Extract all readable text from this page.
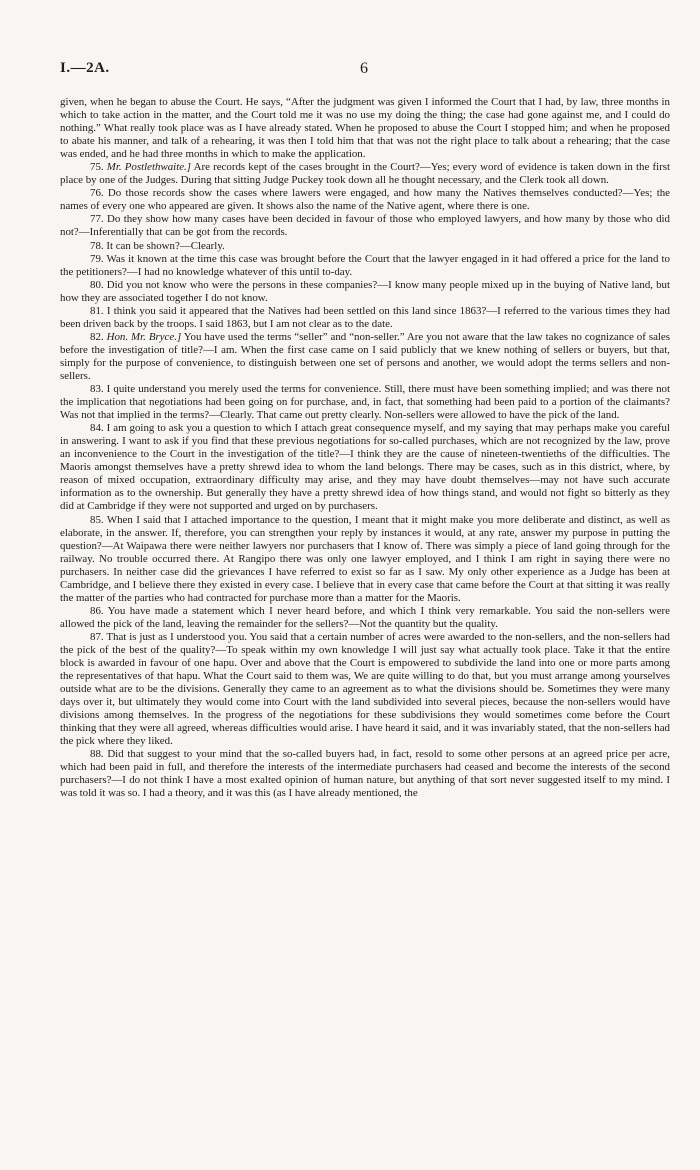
I.—2A.	6

given, when he began to abuse the Court. He says, “After the judgment was given I informed the Court that I had, by law, three months in which to take action in the matter, and the Court told me it was no use my doing the thing; the case had gone against me, and I could do nothing.” What really took place was as I have already stated. When he proposed to abuse the Court I stopped him; and when he proposed to abate his manner, and talk of a rehearing, it was then I told him that that was not the right place to talk about a rehearing; that the case was ended, and he had three months in which to make the application.

75. Mr. Postlethwaite.] Are records kept of the cases brought in the Court?—Yes; every word of evidence is taken down in the first place by one of the Judges. During that sitting Judge Puckey took down all he thought necessary, and the Clerk took all down.

76. Do those records show the cases where lawers were engaged, and how many the Natives themselves conducted?—Yes; the names of every one who appeared are given. It shows also the name of the Native agent, where there is one.

77. Do they show how many cases have been decided in favour of those who employed lawyers, and how many by those who did not?—Inferentially that can be got from the records.

78. It can be shown?—Clearly.

79. Was it known at the time this case was brought before the Court that the lawyer engaged in it had offered a price for the land to the petitioners?—I had no knowledge whatever of this until to-day.

80. Did you not know who were the persons in these companies?—I know many people mixed up in the buying of Native land, but how they are associated together I do not know.

81. I think you said it appeared that the Natives had been settled on this land since 1863?—I referred to the various times they had been driven back by the troops. I said 1863, but I am not clear as to the date.

82. Hon. Mr. Bryce.] You have used the terms “seller” and “non-seller.” Are you not aware that the law takes no cognizance of sales before the investigation of title?—I am. When the first case came on I said publicly that we knew nothing of sellers or buyers, but that, simply for the purpose of convenience, to distinguish between one set of persons and another, we would adopt the terms sellers and non-sellers.

83. I quite understand you merely used the terms for convenience. Still, there must have been something implied; and was there not the implication that negotiations had been going on for purchase, and, in fact, that something had been paid to a portion of the claimants? Was not that implied in the terms?—Clearly. That came out pretty clearly. Non-sellers were allowed to have the pick of the land.

84. I am going to ask you a question to which I attach great consequence myself, and my saying that may perhaps make you careful in answering. I want to ask if you find that these previous negotiations for so-called purchases, which are not recognized by the law, prove an inconvenience to the Court in the investigation of the title?—I think they are the cause of nineteen-twentieths of the difficulties. The Maoris amongst themselves have a pretty shrewd idea to whom the land belongs. There may be cases, such as in this district, where, by reason of mixed occupation, extraordinary difficulty may arise, and they may have doubt themselves—may not have such accurate information as to the ownership. But generally they have a pretty shrewd idea of how things stand, and would not fight so bitterly as they did at Cambridge if they were not supported and urged on by purchasers.

85. When I said that I attached importance to the question, I meant that it might make you more deliberate and distinct, as well as elaborate, in the answer. If, therefore, you can strengthen your reply by instances it would, at any rate, answer my purpose in putting the question?—At Waipawa there were neither lawyers nor purchasers that I know of. There was simply a piece of land going through for the railway. No trouble occurred there. At Rangipo there was only one lawyer employed, and I think I am right in saying there were no purchasers. In neither case did the grievances I have referred to exist so far as I saw. My only other experience as a Judge has been at Cambridge, and I believe there they existed in every case. I believe that in every case that came before the Court at that sitting it was really the matter of the parties who had contracted for purchase more than a matter for the Maoris.

86. You have made a statement which I never heard before, and which I think very remarkable. You said the non-sellers were allowed the pick of the land, leaving the remainder for the sellers?—Not the quantity but the quality.

87. That is just as I understood you. You said that a certain number of acres were awarded to the non-sellers, and the non-sellers had the pick of the best of the quality?—To speak within my own knowledge I will just say what actually took place. Take it that the entire block is awarded in favour of one hapu. Over and above that the Court is empowered to subdivide the land into one or more parts among the representatives of that hapu. What the Court said to them was, We are quite willing to do that, but you must arrange among yourselves outside what are to be the divisions. Generally they came to an agreement as to what the divisions should be. Sometimes they were many days over it, but ultimately they would come into Court with the land subdivided into several pieces, because the non-sellers would have divisions among themselves. In the progress of the negotiations for these subdivisions they would sometimes come before the Court thinking that they were all agreed, whereas difficulties would arise. I have heard it said, and it was invariably stated, that the non-sellers had the pick where they liked.

88. Did that suggest to your mind that the so-called buyers had, in fact, resold to some other persons at an agreed price per acre, which had been paid in full, and therefore the interests of the intermediate purchasers had ceased and become the interests of the second purchasers?—I do not think I have a most exalted opinion of human nature, but anything of that sort never suggested itself to my mind. I was told it was so. I had a theory, and it was this (as I have already mentioned, the
